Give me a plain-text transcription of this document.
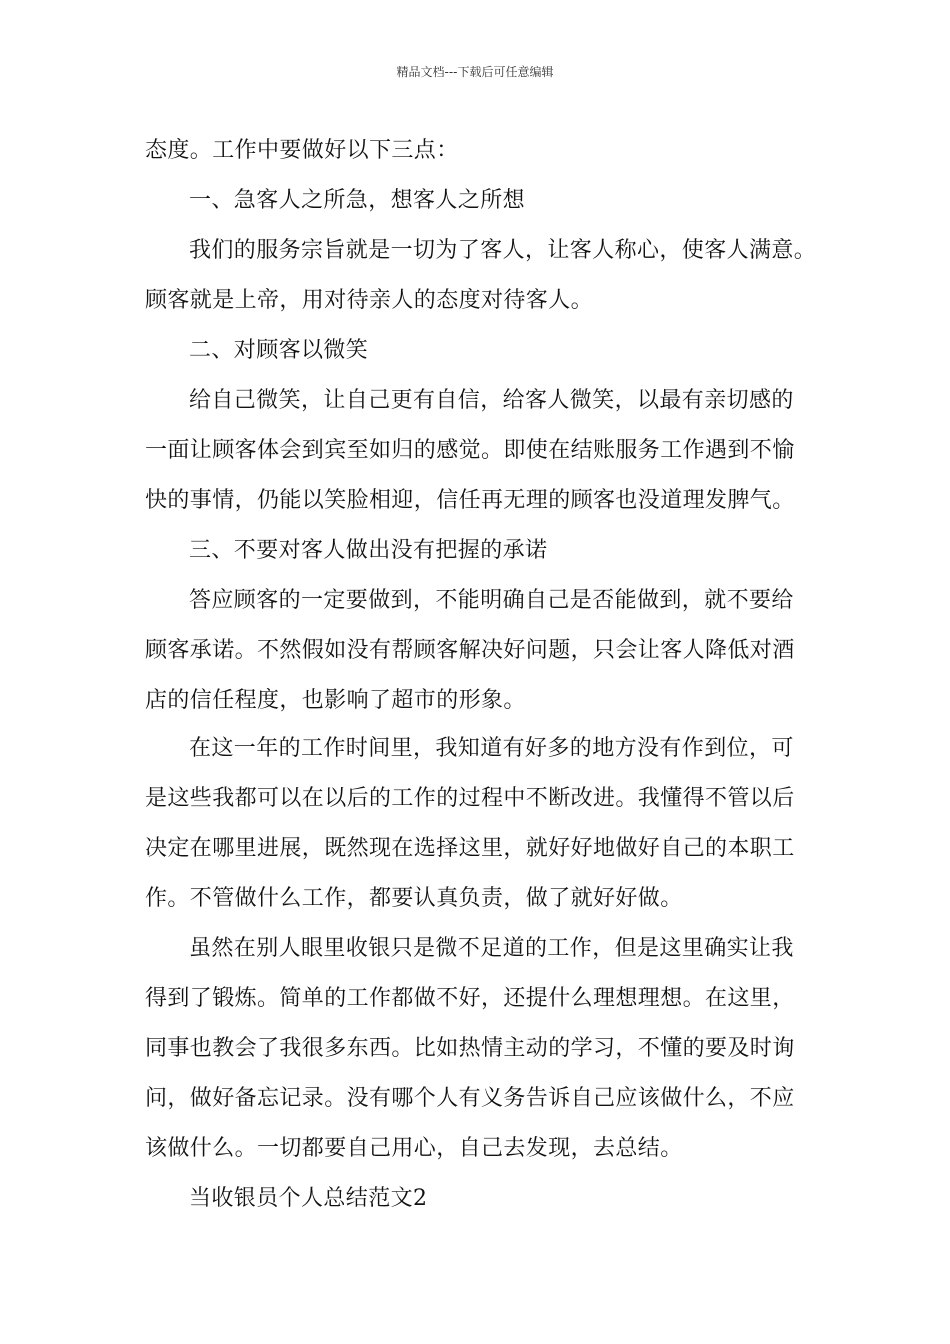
精品文档---下载后可任意编辑
态度。工作中要做好以下三点：
一、急客人之所急，想客人之所想
我们的服务宗旨就是一切为了客人，让客人称心，使客人满意。
顾客就是上帝，用对待亲人的态度对待客人。
二、对顾客以微笑
给自己微笑，让自己更有自信，给客人微笑，以最有亲切感的
一面让顾客体会到宾至如归的感觉。即使在结账服务工作遇到不愉
快的事情，仍能以笑脸相迎，信任再无理的顾客也没道理发脾气。
三、不要对客人做出没有把握的承诺
答应顾客的一定要做到，不能明确自己是否能做到，就不要给
顾客承诺。不然假如没有帮顾客解决好问题，只会让客人降低对酒
店的信任程度，也影响了超市的形象。
在这一年的工作时间里，我知道有好多的地方没有作到位，可
是这些我都可以在以后的工作的过程中不断改进。我懂得不管以后
决定在哪里进展，既然现在选择这里，就好好地做好自己的本职工
作。不管做什么工作，都要认真负责，做了就好好做。
虽然在别人眼里收银只是微不足道的工作，但是这里确实让我
得到了锻炼。简单的工作都做不好，还提什么理想理想。在这里，
同事也教会了我很多东西。比如热情主动的学习，不懂的要及时询
问，做好备忘记录。没有哪个人有义务告诉自己应该做什么，不应
该做什么。一切都要自己用心，自己去发现，去总结。
当收银员个人总结范文2
